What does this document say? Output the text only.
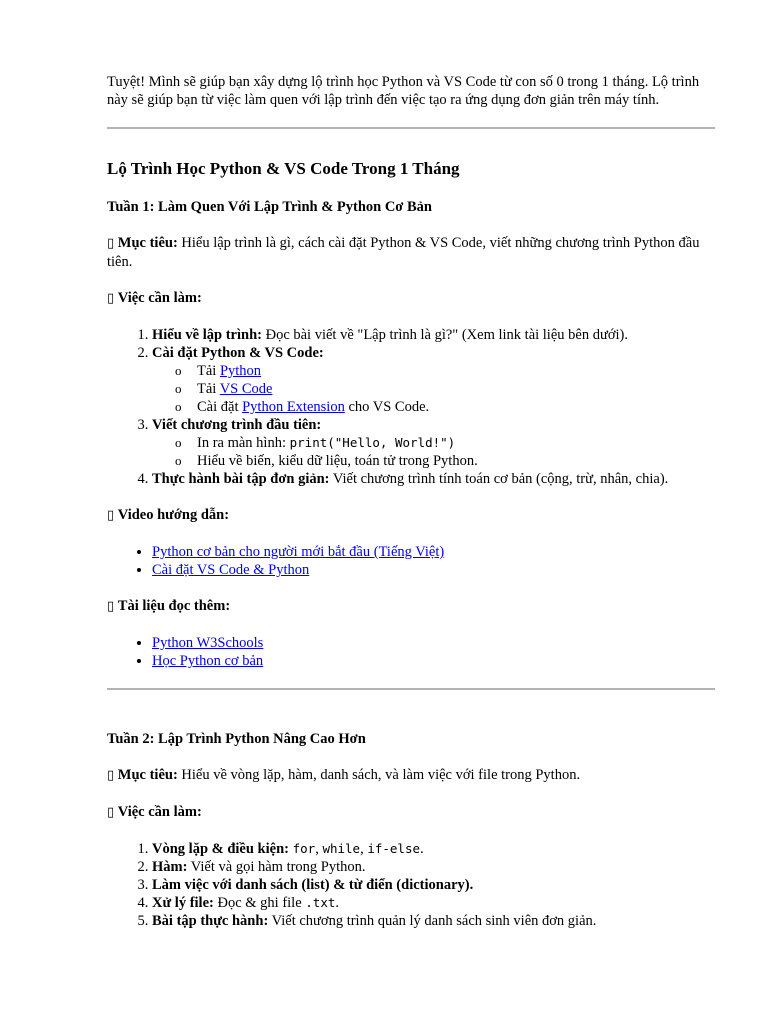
Tuyệt! Mình sẽ giúp bạn xây dựng lộ trình học Python và VS Code từ con số 0 trong 1 tháng. Lộ trình này sẽ giúp bạn từ việc làm quen với lập trình đến việc tạo ra ứng dụng đơn giản trên máy tính.

Lộ Trình Học Python & VS Code Trong 1 Tháng
Tuần 1: Làm Quen Với Lập Trình & Python Cơ Bản

▯ Mục tiêu: Hiểu lập trình là gì, cách cài đặt Python & VS Code, viết những chương trình Python đầu tiên.

▯ Việc cần làm:

1. Hiểu về lập trình: Đọc bài viết về "Lập trình là gì?" (Xem link tài liệu bên dưới).
2. Cài đặt Python & VS Code:
o Tải Python
o Tải VS Code
o Cài đặt Python Extension cho VS Code.
3. Viết chương trình đầu tiên:
o In ra màn hình: print("Hello, World!")
o Hiểu về biến, kiểu dữ liệu, toán tử trong Python.
4. Thực hành bài tập đơn giản: Viết chương trình tính toán cơ bản (cộng, trừ, nhân, chia).

▯ Video hướng dẫn:

• Python cơ bản cho người mới bắt đầu (Tiếng Việt)
• Cài đặt VS Code & Python

▯ Tài liệu đọc thêm:

• Python W3Schools
• Học Python cơ bản
Tuần 2: Lập Trình Python Nâng Cao Hơn

▯ Mục tiêu: Hiểu về vòng lặp, hàm, danh sách, và làm việc với file trong Python.

▯ Việc cần làm:

1. Vòng lặp & điều kiện: for, while, if-else.
2. Hàm: Viết và gọi hàm trong Python.
3. Làm việc với danh sách (list) & từ điển (dictionary).
4. Xử lý file: Đọc & ghi file .txt.
5. Bài tập thực hành: Viết chương trình quản lý danh sách sinh viên đơn giản.
